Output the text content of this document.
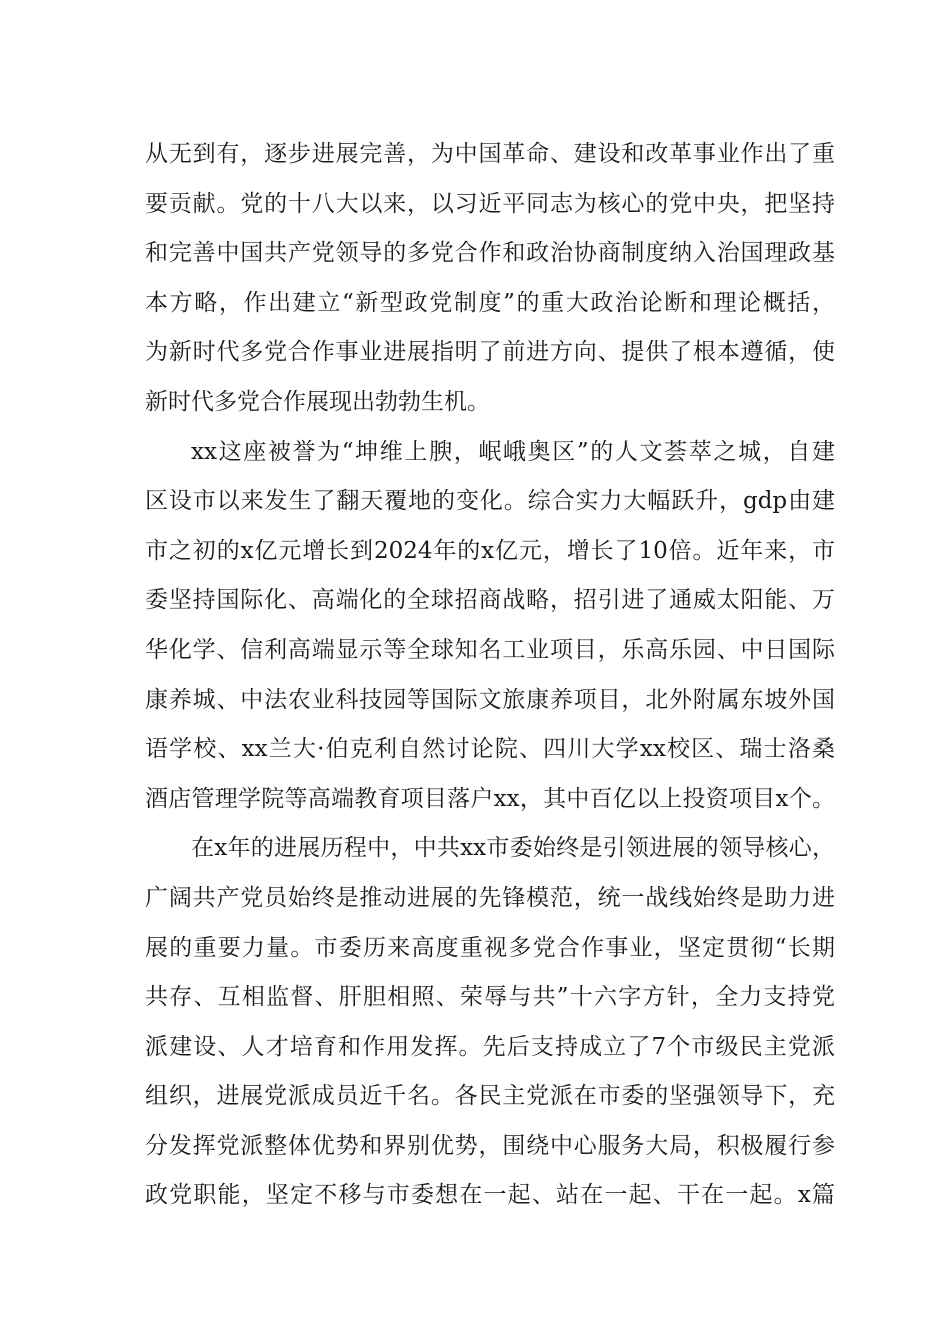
从无到有，逐步进展完善，为中国革命、建设和改革事业作出了重
要贡献。党的十八大以来，以习近平同志为核心的党中央，把坚持
和完善中国共产党领导的多党合作和政治协商制度纳入治国理政基
本方略，作出建立“新型政党制度”的重大政治论断和理论概括，
为新时代多党合作事业进展指明了前进方向、提供了根本遵循，使
新时代多党合作展现出勃勃生机。
xx这座被誉为“坤维上腴，岷峨奥区”的人文荟萃之城，自建
区设市以来发生了翻天覆地的变化。综合实力大幅跃升，gdp由建
市之初的x亿元增长到2024年的x亿元，增长了10倍。近年来，市
委坚持国际化、高端化的全球招商战略，招引进了通威太阳能、万
华化学、信利高端显示等全球知名工业项目，乐高乐园、中日国际
康养城、中法农业科技园等国际文旅康养项目，北外附属东坡外国
语学校、xx兰大·伯克利自然讨论院、四川大学xx校区、瑞士洛桑
酒店管理学院等高端教育项目落户xx，其中百亿以上投资项目x个。
在x年的进展历程中，中共xx市委始终是引领进展的领导核心，
广阔共产党员始终是推动进展的先锋模范，统一战线始终是助力进
展的重要力量。市委历来高度重视多党合作事业，坚定贯彻“长期
共存、互相监督、肝胆相照、荣辱与共”十六字方针，全力支持党
派建设、人才培育和作用发挥。先后支持成立了7个市级民主党派
组织，进展党派成员近千名。各民主党派在市委的坚强领导下，充
分发挥党派整体优势和界别优势，围绕中心服务大局，积极履行参
政党职能，坚定不移与市委想在一起、站在一起、干在一起。x篇
